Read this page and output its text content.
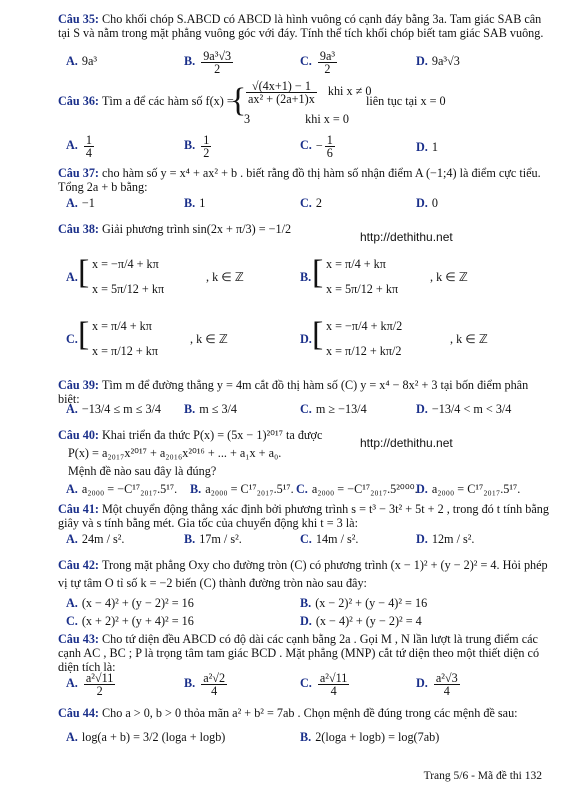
Câu 35: Cho khối chóp S.ABCD có ABCD là hình vuông có cạnh đáy bằng 3a. Tam giác SAB cân tại S và nằm trong mặt phẳng vuông góc với đáy. Tính thể tích khối chóp biết tam giác SAB vuông.
A. 9a³	B. $\frac{\text{9a³√3}}{2}$	C. $\frac{\text{9a³}}{2}$	D. 9a³√3
Câu 36: Tìm a để các hàm số f(x) =
{ $\frac{√(4x+1) - 1}{\text{ax² + (2a+1)x}}$ khi x ≠ 0
3	khi x = 0
liên tục tại x = 0
A. $\frac{1}{4}$	B. $\frac{1}{2}$	C. − $\frac{1}{6}$	D. 1
Câu 37: cho hàm số y = x⁴ + ax² + b . biết rằng đồ thị hàm số nhận điểm A (−1;4) là điểm cực tiểu. Tổng 2a + b bằng:
A. −1	B. 1	C. 2	D. 0
Câu 38: Giải phương trình sin(2x + π/3) = −1/2
http://dethithu.net
A. [ x = −π/4 + kπ
x = 5π/12 + kπ
, k ∈ ℤ	B. [ x = π/4 + kπ
x = 5π/12 + kπ
, k ∈ ℤ
C. [ x = π/4 + kπ
x = π/12 + kπ
, k ∈ ℤ	D. [ x = −π/4 + kπ/2
x = π/12 + kπ/2
, k ∈ ℤ
Câu 39: Tìm m để đường thẳng y = 4m cắt đồ thị hàm số (C) y = x⁴ − 8x² + 3 tại bốn điểm phân biệt:
A. −13/4 ≤ m ≤ 3/4 B. m ≤ 3/4	C. m ≥ −13/4	D. −13/4 < m < 3/4
Câu 40: Khai triển đa thức P(x) = (5x − 1)²⁰¹⁷ ta được
http://dethithu.net
P(x) = a₂₀₁₇x²⁰¹⁷ + a₂₀₁₆x²⁰¹⁶ + ... + a₁x + a₀.
Mệnh đề nào sau đây là đúng?
A. a₂₀₀₀ = −C¹⁷₂₀₁₇.5¹⁷. B. a₂₀₀₀ = C¹⁷₂₀₁₇.5¹⁷. C. a₂₀₀₀ = −C¹⁷₂₀₁₇.5²⁰⁰⁰.
D. a₂₀₀₀ = C¹⁷₂₀₁₇.5¹⁷.
Câu 41: Một chuyển động thẳng xác định bởi phương trình s = t³ − 3t² + 5t + 2 , trong đó t tính bằng giây và s tính bằng mét. Gia tốc của chuyển động khi t = 3 là:
A. 24m / s².	B. 17m / s².	C. 14m / s².	D. 12m / s².
Câu 42: Trong mặt phẳng Oxy cho đường tròn (C) có phương trình (x − 1)² + (y − 2)² = 4. Hỏi phép vị tự tâm O tỉ số k = −2 biến (C) thành đường tròn nào sau đây:
A. (x − 4)² + (y − 2)² = 16	B. (x − 2)² + (y − 4)² = 16
C. (x + 2)² + (y + 4)² = 16	D. (x − 4)² + (y − 2)² = 4
Câu 43: Cho tứ diện đều ABCD có độ dài các cạnh bằng 2a . Gọi M , N lần lượt là trung điểm các cạnh AC , BC ; P là trọng tâm tam giác BCD . Mặt phẳng (MNP) cắt tứ diện theo một thiết diện có diện tích là:
A. $\frac{\text{a²√11}}{2}$	B. $\frac{\text{a²√2}}{4}$	C. $\frac{\text{a²√11}}{4}$	D. $\frac{\text{a²√3}}{4}$
Câu 44: Cho a > 0, b > 0 thỏa mãn a² + b² = 7ab . Chọn mệnh đề đúng trong các mệnh đề sau:
A. log(a + b) = 3/2 (loga + logb)	B. 2(loga + logb) = log(7ab)
Trang 5/6 - Mã đề thi 132
